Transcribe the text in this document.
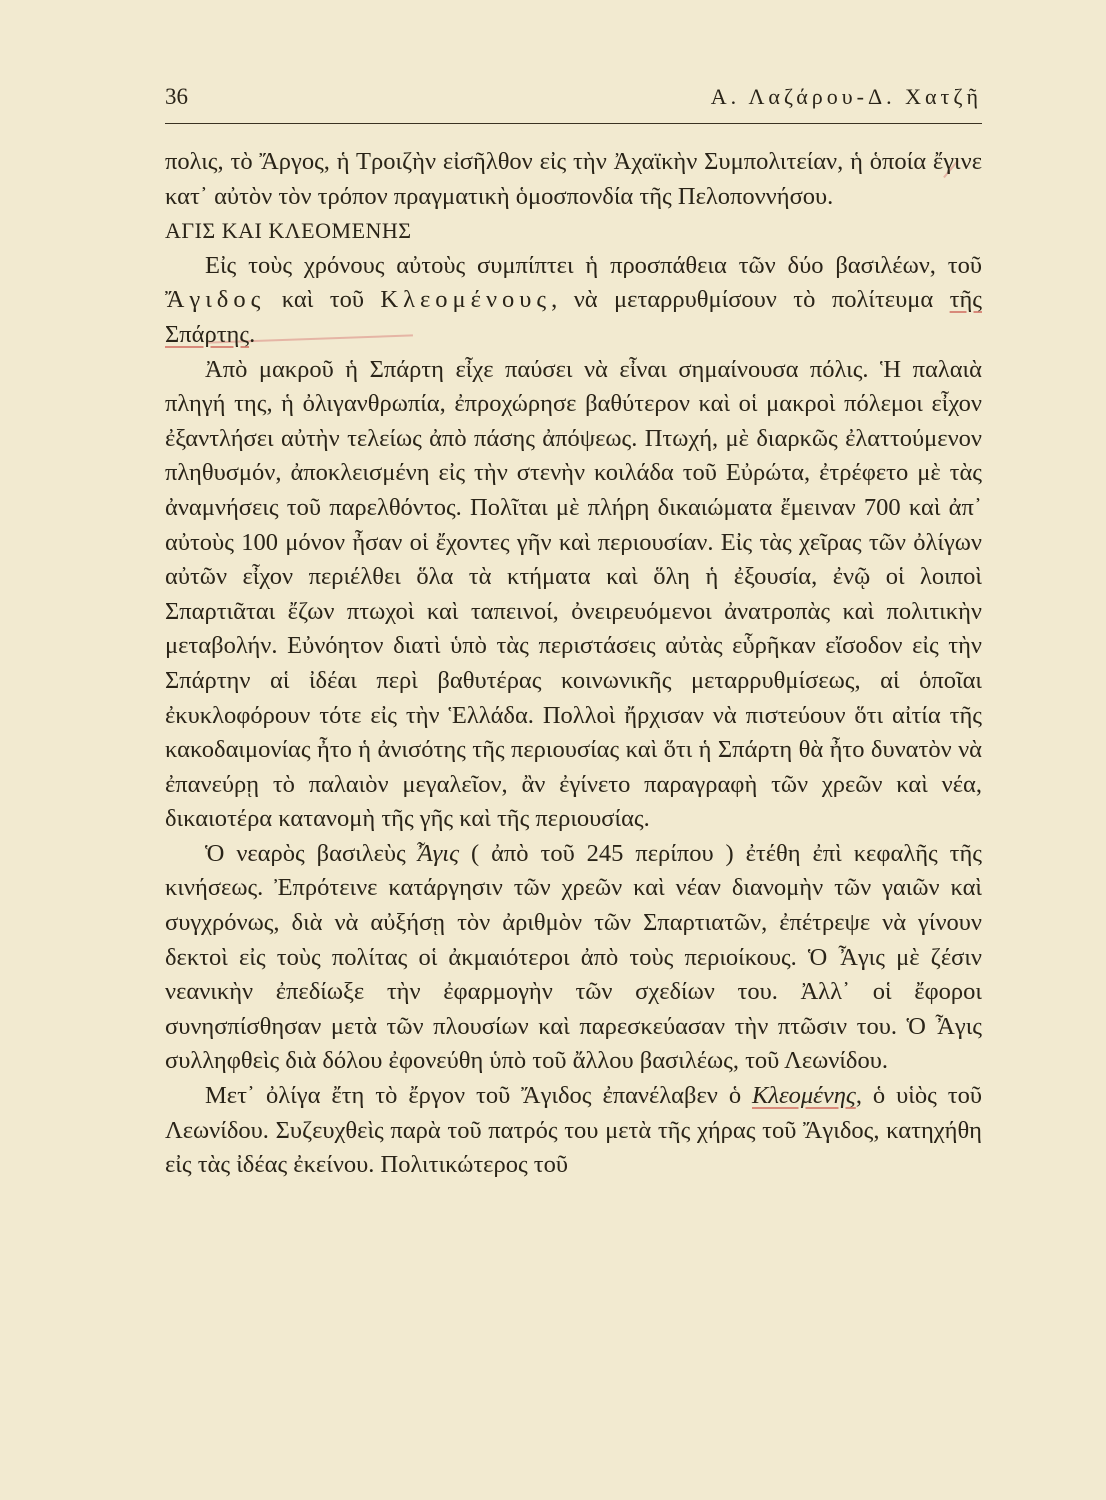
36	Α. Λαζάρου-Δ. Χατζῆ

πολις, τὸ Ἄργος, ἡ Τροιζὴν εἰσῆλθον εἰς τὴν Ἀχαϊκὴν Συμπολιτείαν, ἡ ὁποία ἔγινε κατ᾽ αὐτὸν τὸν τρόπον πραγματικὴ ὁμοσπονδία τῆς Πελοποννήσου.

ΑΓΙΣ ΚΑΙ ΚΛΕΟΜΕΝΗΣ

Εἰς τοὺς χρόνους αὐτοὺς συμπίπτει ἡ προσπάθεια τῶν δύο βασιλέων, τοῦ Ἄγιδος καὶ τοῦ Κλεομένους, νὰ μεταρρυθμίσουν τὸ πολίτευμα τῆς Σπάρτης.

Ἀπὸ μακροῦ ἡ Σπάρτη εἶχε παύσει νὰ εἶναι σημαίνουσα πόλις. Ἡ παλαιὰ πληγή της, ἡ ὀλιγανθρωπία, ἐπροχώρησε βαθύτερον καὶ οἱ μακροὶ πόλεμοι εἶχον ἐξαντλήσει αὐτὴν τελείως ἀπὸ πάσης ἀπόψεως. Πτωχή, μὲ διαρκῶς ἐλαττούμενον πληθυσμόν, ἀποκλεισμένη εἰς τὴν στενὴν κοιλάδα τοῦ Εὐρώτα, ἐτρέφετο μὲ τὰς ἀναμνήσεις τοῦ παρελθόντος. Πολῖται μὲ πλήρη δικαιώματα ἔμειναν 700 καὶ ἀπ᾽ αὐτοὺς 100 μόνον ἦσαν οἱ ἔχοντες γῆν καὶ περιουσίαν. Εἰς τὰς χεῖρας τῶν ὀλίγων αὐτῶν εἶχον περιέλθει ὅλα τὰ κτήματα καὶ ὅλη ἡ ἐξουσία, ἐνῷ οἱ λοιποὶ Σπαρτιᾶται ἔζων πτωχοὶ καὶ ταπεινοί, ὀνειρευόμενοι ἀνατροπὰς καὶ πολιτικὴν μεταβολήν. Εὐνόητον διατὶ ὑπὸ τὰς περιστάσεις αὐτὰς εὗρῆκαν εἴσοδον εἰς τὴν Σπάρτην αἱ ἰδέαι περὶ βαθυτέρας κοινωνικῆς μεταρρυθμίσεως, αἱ ὁποῖαι ἐκυκλοφόρουν τότε εἰς τὴν Ἑλλάδα. Πολλοὶ ἤρχισαν νὰ πιστεύουν ὅτι αἰτία τῆς κακοδαιμονίας ἦτο ἡ ἀνισότης τῆς περιουσίας καὶ ὅτι ἡ Σπάρτη θὰ ἦτο δυνατὸν νὰ ἐπανεύρῃ τὸ παλαιὸν μεγαλεῖον, ἂν ἐγίνετο παραγραφὴ τῶν χρεῶν καὶ νέα, δικαιοτέρα κατανομὴ τῆς γῆς καὶ τῆς περιουσίας.

Ὁ νεαρὸς βασιλεὺς Ἆγις ( ἀπὸ τοῦ 245 περίπου ) ἐτέθη ἐπὶ κεφαλῆς τῆς κινήσεως. Ἐπρότεινε κατάργησιν τῶν χρεῶν καὶ νέαν διανομὴν τῶν γαιῶν καὶ συγχρόνως, διὰ νὰ αὐξήσῃ τὸν ἀριθμὸν τῶν Σπαρτιατῶν, ἐπέτρεψε νὰ γίνουν δεκτοὶ εἰς τοὺς πολίτας οἱ ἀκμαιότεροι ἀπὸ τοὺς περιοίκους. Ὁ Ἆγις μὲ ζέσιν νεανικὴν ἐπεδίωξε τὴν ἐφαρμογὴν τῶν σχεδίων του. Ἀλλ᾽ οἱ ἔφοροι συνησπίσθησαν μετὰ τῶν πλουσίων καὶ παρεσκεύασαν τὴν πτῶσιν του. Ὁ Ἆγις συλληφθεὶς διὰ δόλου ἐφονεύθη ὑπὸ τοῦ ἄλλου βασιλέως, τοῦ Λεωνίδου.

Μετ᾽ ὀλίγα ἔτη τὸ ἔργον τοῦ Ἄγιδος ἐπανέλαβεν ὁ Κλεομένης, ὁ υἱὸς τοῦ Λεωνίδου. Συζευχθεὶς παρὰ τοῦ πατρός του μετὰ τῆς χήρας τοῦ Ἄγιδος, κατηχήθη εἰς τὰς ἰδέας ἐκείνου. Πολιτικώτερος τοῦ
